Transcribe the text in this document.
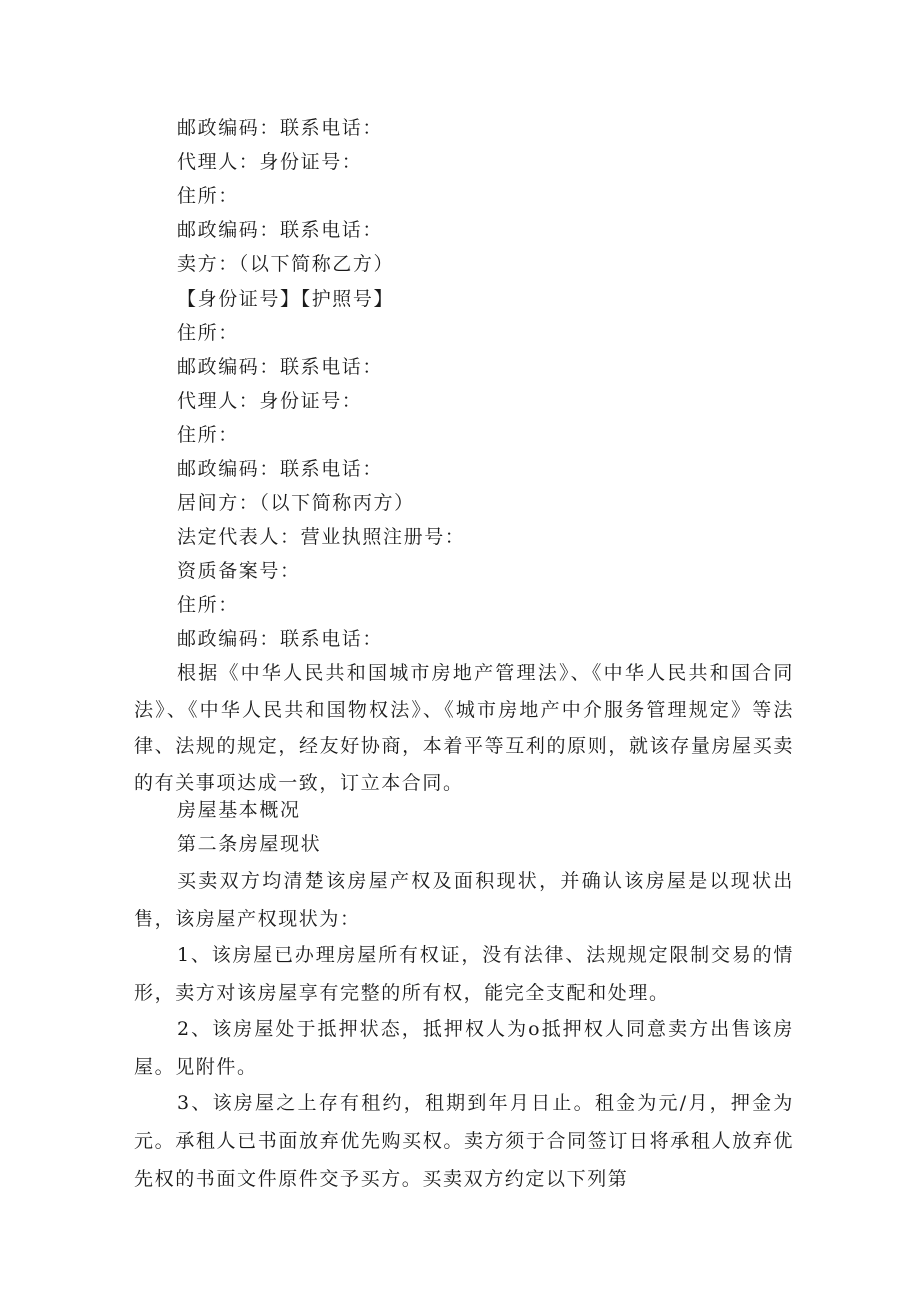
邮政编码：联系电话：

代理人：身份证号：

住所：

邮政编码：联系电话：

卖方：（以下简称乙方）

【身份证号】【护照号】

住所：

邮政编码：联系电话：

代理人：身份证号：

住所：

邮政编码：联系电话：

居间方：（以下简称丙方）

法定代表人：营业执照注册号：

资质备案号：

住所：

邮政编码：联系电话：

根据《中华人民共和国城市房地产管理法》、《中华人民共和国合同法》、《中华人民共和国物权法》、《城市房地产中介服务管理规定》等法律、法规的规定，经友好协商，本着平等互利的原则，就该存量房屋买卖的有关事项达成一致，订立本合同。

房屋基本概况

第二条房屋现状

买卖双方均清楚该房屋产权及面积现状，并确认该房屋是以现状出售，该房屋产权现状为：

1、该房屋已办理房屋所有权证，没有法律、法规规定限制交易的情形，卖方对该房屋享有完整的所有权，能完全支配和处理。

2、该房屋处于抵押状态，抵押权人为o抵押权人同意卖方出售该房屋。见附件。

3、该房屋之上存有租约，租期到年月日止。租金为元/月，押金为元。承租人已书面放弃优先购买权。卖方须于合同签订日将承租人放弃优先权的书面文件原件交予买方。买卖双方约定以下列第
